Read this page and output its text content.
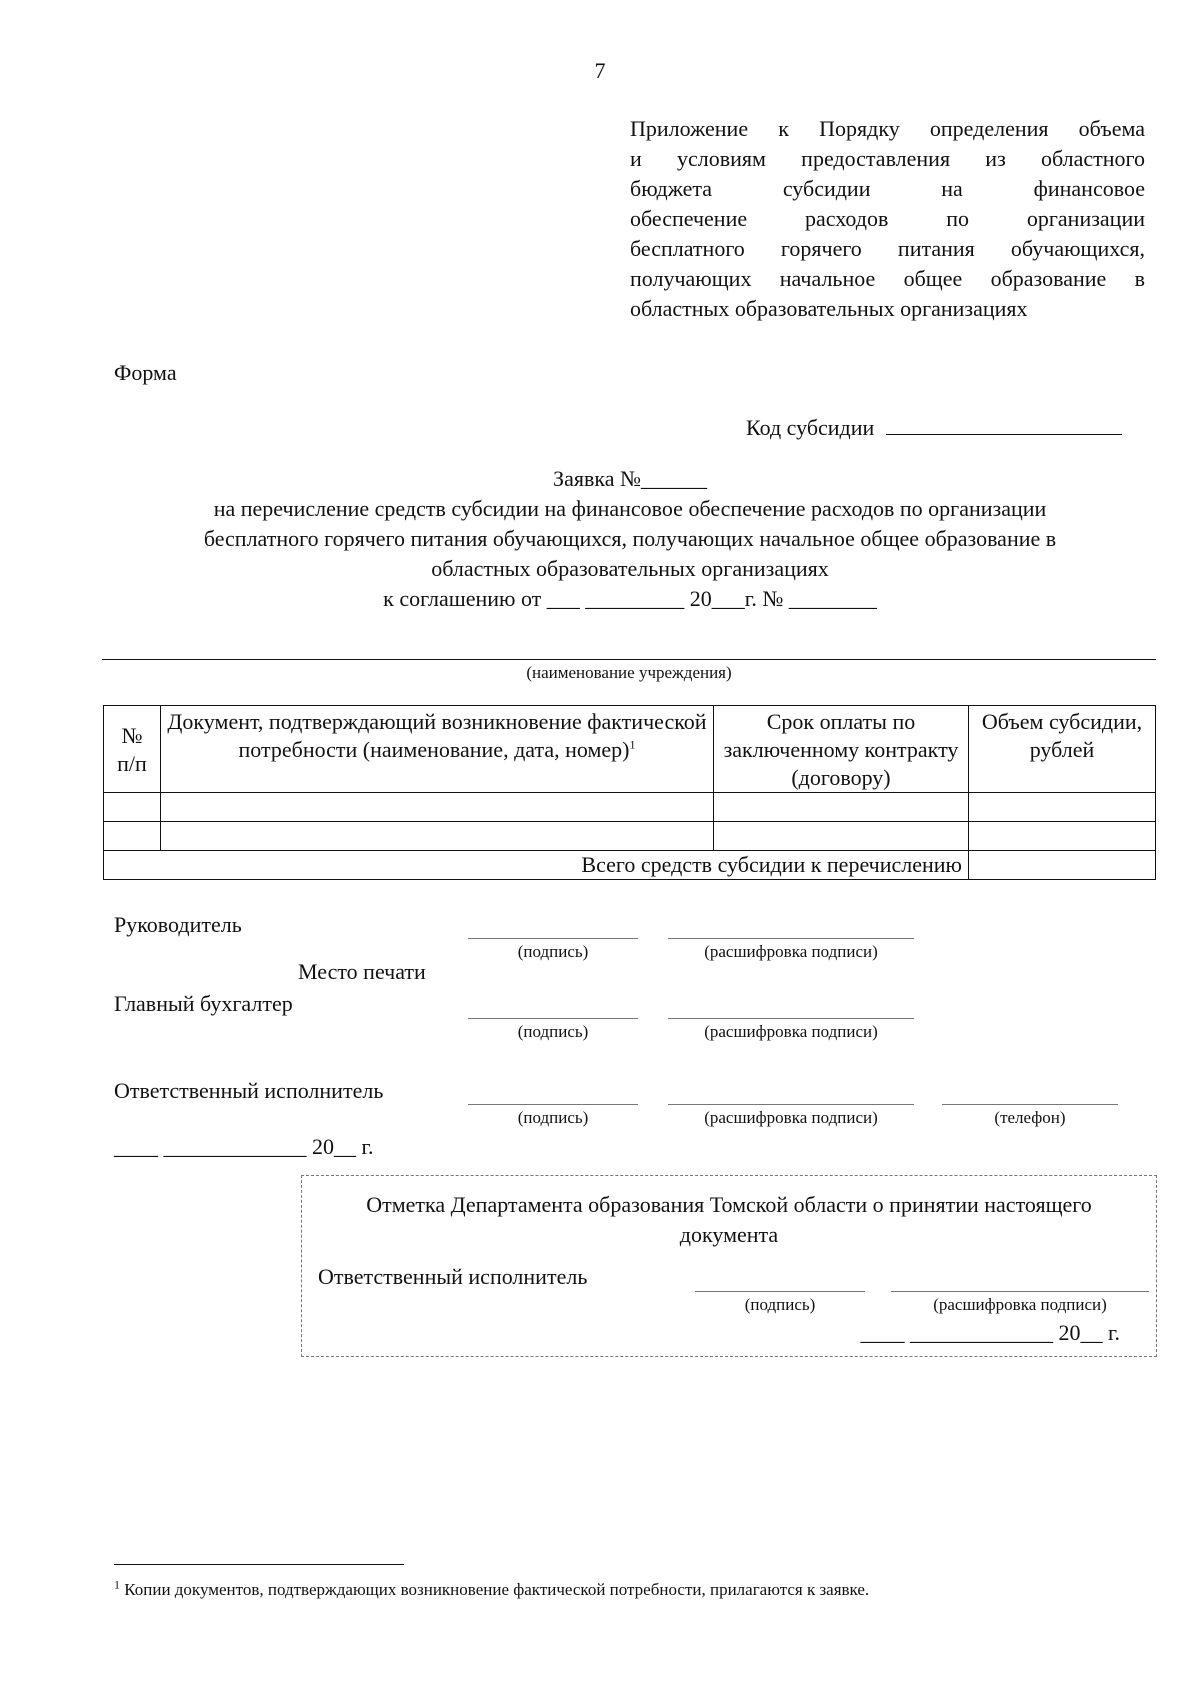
7
Приложение к Порядку определения объема
и условиям предоставления из областного
бюджета субсидии на финансовое
обеспечение расходов по организации
бесплатного горячего питания обучающихся,
получающих начальное общее образование в
областных образовательных организациях
Форма
Код субсидии
Заявка №______
на перечисление средств субсидии на финансовое обеспечение расходов по организации
бесплатного горячего питания обучающихся, получающих начальное общее образование в
областных образовательных организациях
к соглашению от ___ _________ 20___г. № ________
(наименование учреждения)
№ п/п	Документ, подтверждающий возникновение фактической потребности (наименование, дата, номер)$^1$	Срок оплаты по заключенному контракту (договору)	Объем субсидии, рублей

Всего средств субсидии к перечислению			
Руководитель
(подпись)	(расшифровка подписи)
Место печати
Главный бухгалтер
(подпись)	(расшифровка подписи)
Ответственный исполнитель
(подпись)	(расшифровка подписи)	(телефон)
____ _____________ 20__ г.
Отметка Департамента образования Томской области о принятии настоящего
документа
Ответственный исполнитель
(подпись)	(расшифровка подписи)
____ _____________ 20__ г.
$^1$ Копии документов, подтверждающих возникновение фактической потребности, прилагаются к заявке.
